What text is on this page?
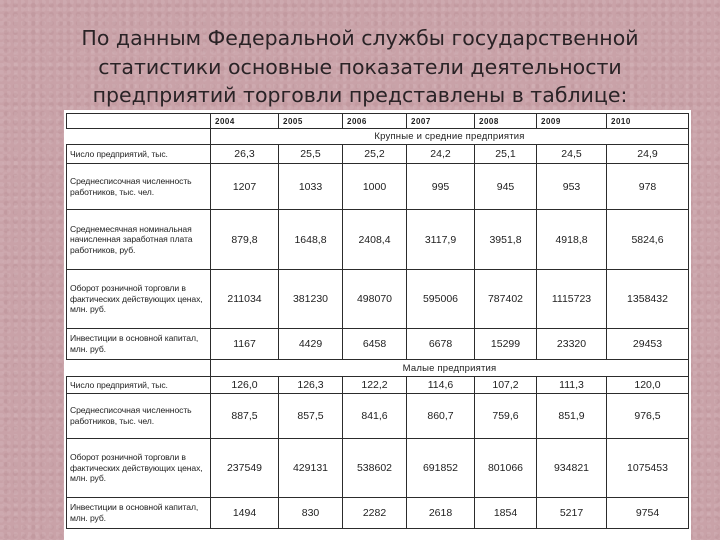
По данным Федеральной службы государственной
статистики основные показатели деятельности
предприятий торговли представлены в таблице:
	2004	2005	2006	2007	2008	2009	2010
	Крупные и средние предприятия						
Число предприятий, тыс.	26,3	25,5	25,2	24,2	25,1	24,5	24,9
Среднесписочная численность работников, тыс. чел.	1207	1033	1000	995	945	953	978
Среднемесячная номинальная начисленная заработная плата работников, руб.	879,8	1648,8	2408,4	3117,9	3951,8	4918,8	5824,6
Оборот розничной торговли в фактических действующих ценах, млн. руб.	211034	381230	498070	595006	787402	1115723	1358432
Инвестиции в основной капитал, млн. руб.	1167	4429	6458	6678	15299	23320	29453
	Малые предприятия						
Число предприятий, тыс.	126,0	126,3	122,2	114,6	107,2	111,3	120,0
Среднесписочная численность работников, тыс. чел.	887,5	857,5	841,6	860,7	759,6	851,9	976,5
Оборот розничной торговли в фактических действующих ценах, млн. руб.	237549	429131	538602	691852	801066	934821	1075453
Инвестиции в основной капитал, млн. руб.	1494	830	2282	2618	1854	5217	9754
